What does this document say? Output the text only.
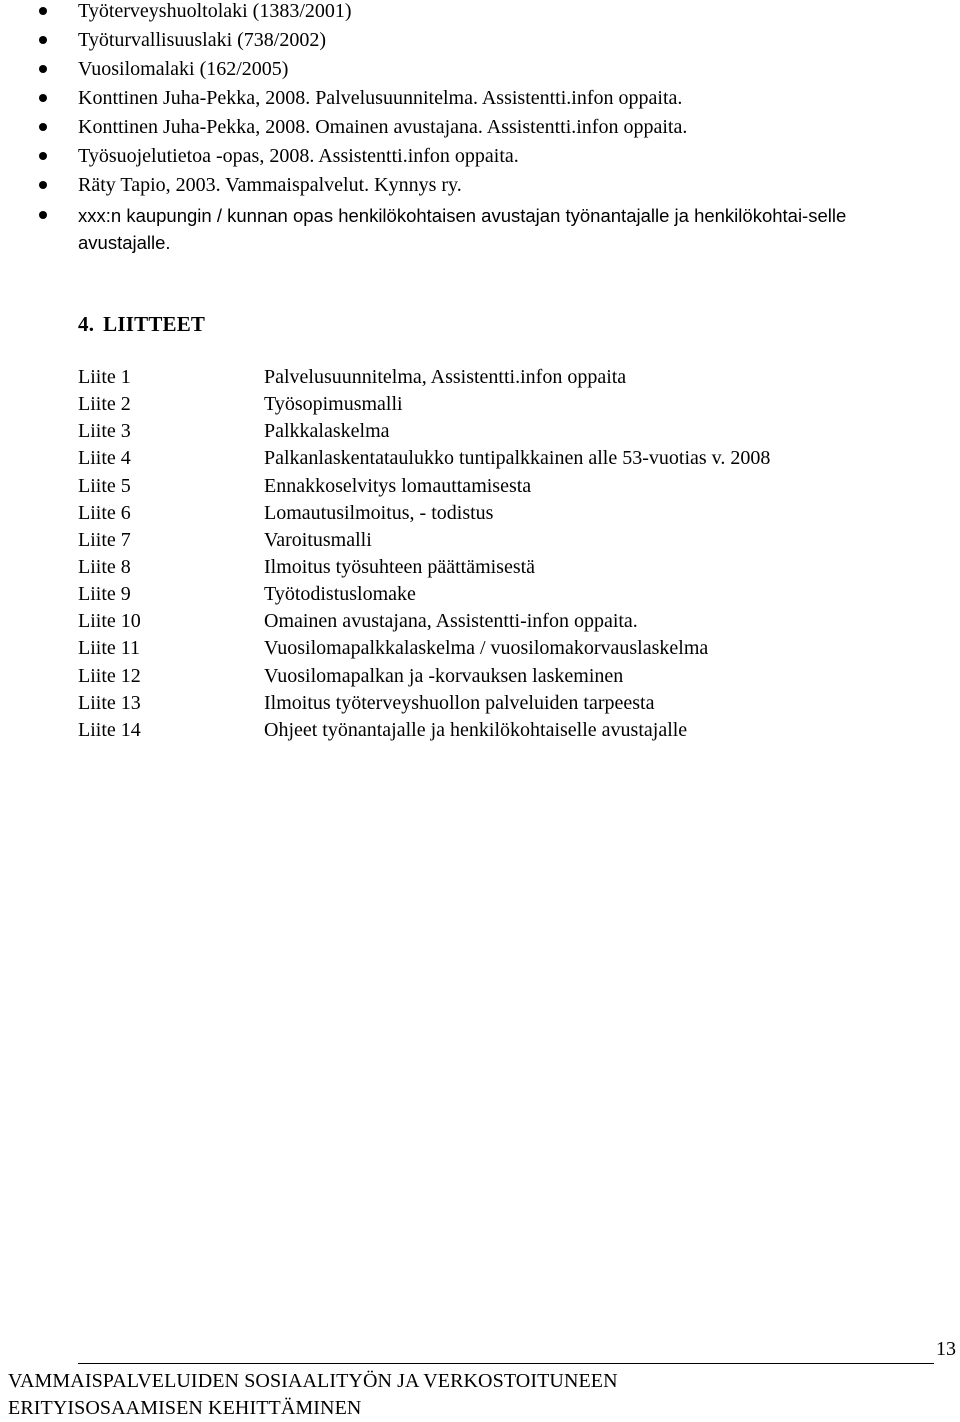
Työterveyshuoltolaki (1383/2001)
Työturvallisuuslaki (738/2002)
Vuosilomalaki (162/2005)
Konttinen Juha-Pekka, 2008. Palvelusuunnitelma. Assistentti.infon oppaita.
Konttinen Juha-Pekka, 2008. Omainen avustajana. Assistentti.infon oppaita.
Työsuojelutietoa -opas, 2008. Assistentti.infon oppaita.
Räty Tapio, 2003. Vammaispalvelut. Kynnys ry.
xxx:n kaupungin / kunnan opas henkilökohtaisen avustajan työnantajalle ja henkilökohtai-selle avustajalle.
4. LIITTEET
Liite 1	Palvelusuunnitelma, Assistentti.infon oppaita
Liite 2	Työsopimusmalli
Liite 3	Palkkalaskelma
Liite 4	Palkanlaskentataulukko tuntipalkkainen alle 53-vuotias v. 2008
Liite 5	Ennakkoselvitys lomauttamisesta
Liite 6	Lomautusilmoitus, - todistus
Liite 7	Varoitusmalli
Liite 8	Ilmoitus työsuhteen päättämisestä
Liite 9	Työtodistuslomake
Liite 10	Omainen avustajana, Assistentti-infon oppaita.
Liite 11	Vuosilomapalkkalaskelma / vuosilomakorvauslaskelma
Liite 12	Vuosilomapalkan ja -korvauksen laskeminen
Liite 13	Ilmoitus työterveyshuollon palveluiden tarpeesta
Liite 14	Ohjeet työnantajalle ja henkilökohtaiselle avustajalle
13
VAMMAISPALVELUIDEN SOSIAALITYÖN JA VERKOSTOITUNEEN
ERITYISOSAAMISEN KEHITTÄMINEN
